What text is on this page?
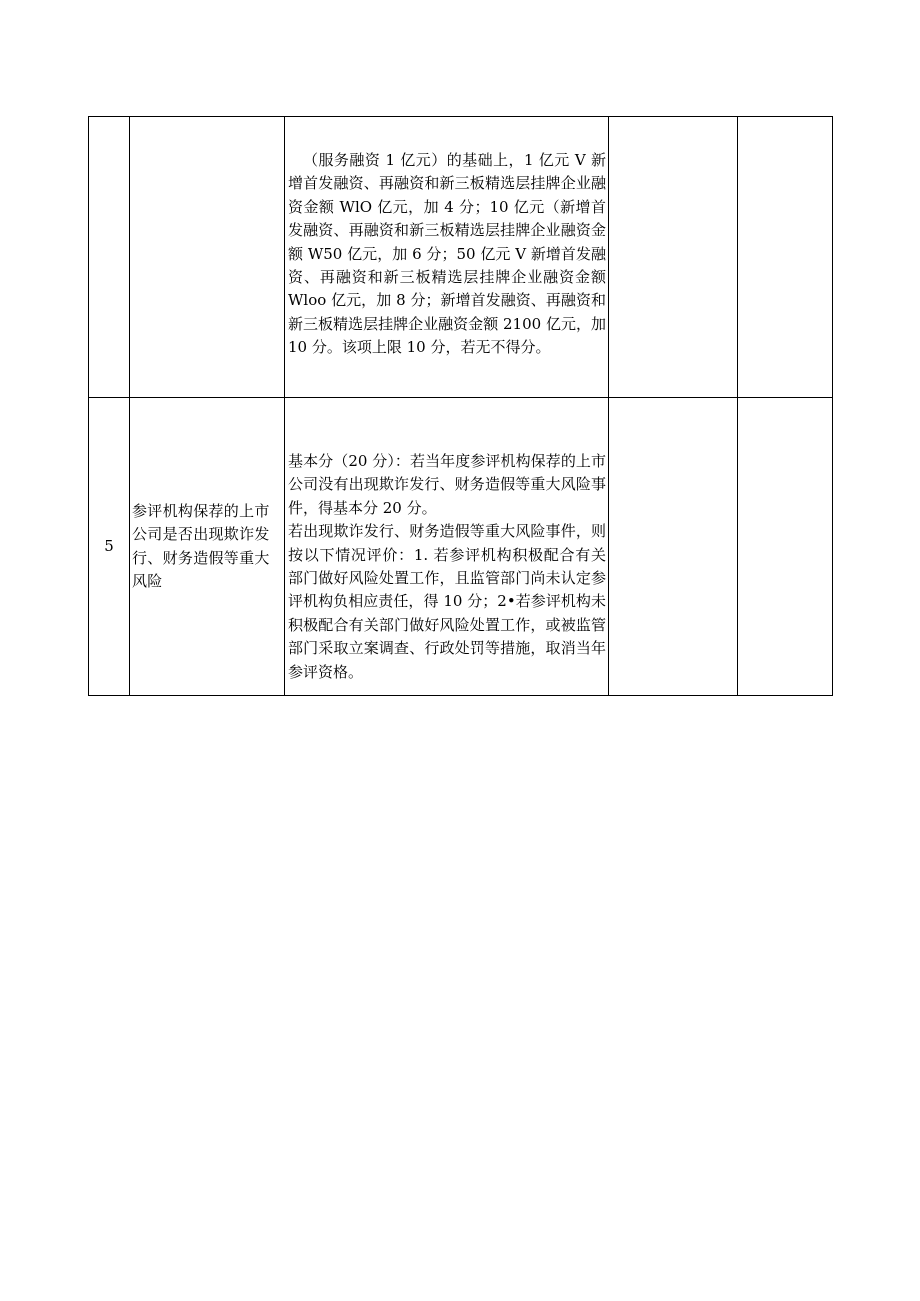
		（服务融资 1 亿元）的基础上，1 亿元 V 新增首发融资、再融资和新三板精选层挂牌企业融资金额 WlO 亿元，加 4 分；10 亿元（新增首发融资、再融资和新三板精选层挂牌企业融资金额 W50 亿元，加 6 分；50 亿元 V 新增首发融资、再融资和新三板精选层挂牌企业融资金额 Wloo 亿元，加 8 分；新增首发融资、再融资和新三板精选层挂牌企业融资金额 2100 亿元，加 10 分。该项上限 10 分，若无不得分。		

5	参评机构保荐的上市公司是否出现欺诈发行、财务造假等重大风险	基本分（20 分）：若当年度参评机构保荐的上市公司没有出现欺诈发行、财务造假等重大风险事件，得基本分 20 分。

若出现欺诈发行、财务造假等重大风险事件，则按以下情况评价：1. 若参评机构积极配合有关部门做好风险处置工作，且监管部门尚未认定参评机构负相应责任，得 10 分；2•若参评机构未积极配合有关部门做好风险处置工作，或被监管部门采取立案调查、行政处罚等措施，取消当年参评资格。		
